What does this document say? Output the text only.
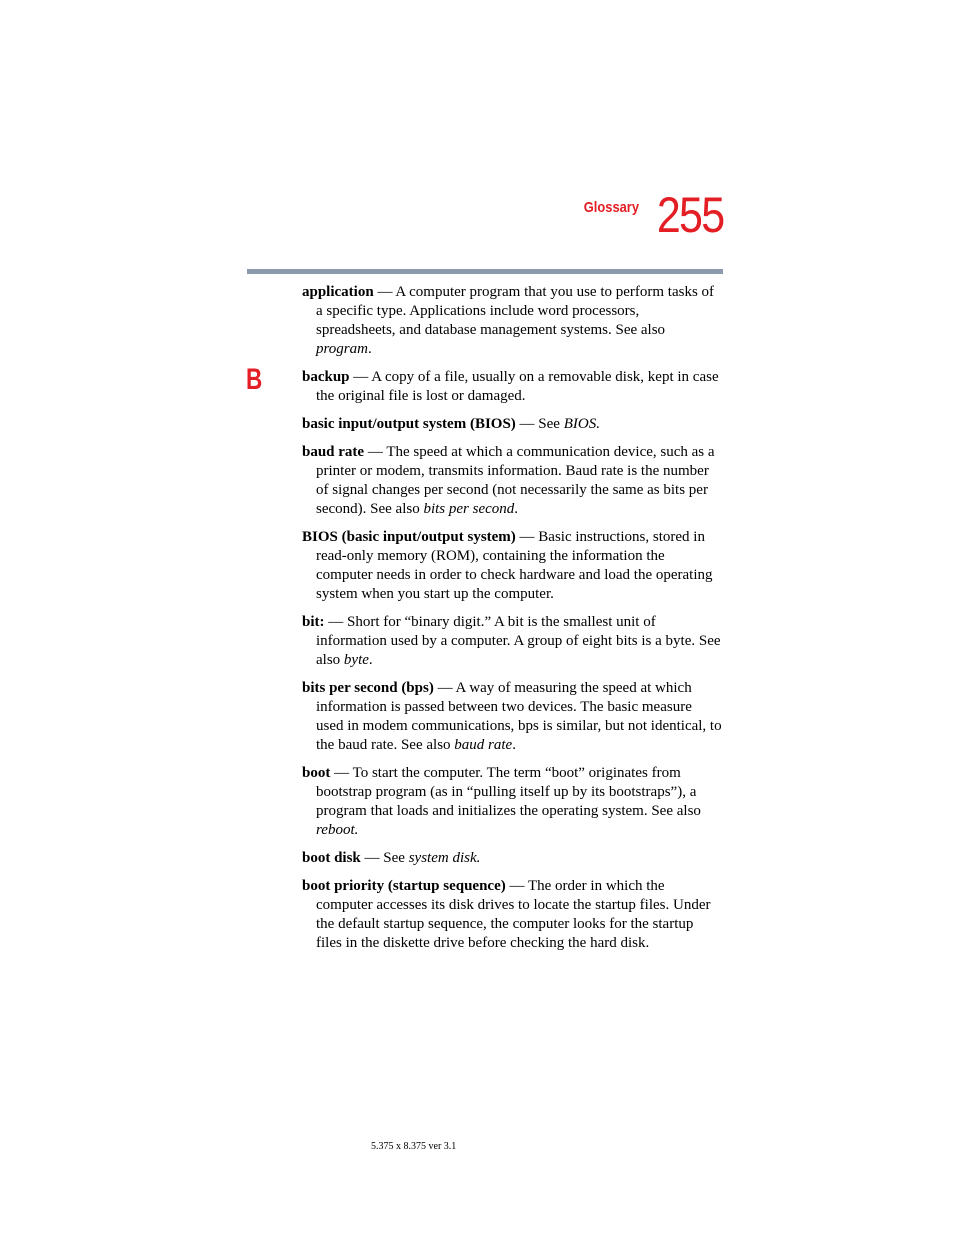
Glossary 255
B

application — A computer program that you use to perform tasks of a specific type. Applications include word processors, spreadsheets, and database management systems. See also program.

backup — A copy of a file, usually on a removable disk, kept in case the original file is lost or damaged.

basic input/output system (BIOS) — See BIOS.

baud rate — The speed at which a communication device, such as a printer or modem, transmits information. Baud rate is the number of signal changes per second (not necessarily the same as bits per second). See also bits per second.

BIOS (basic input/output system) — Basic instructions, stored in read-only memory (ROM), containing the information the computer needs in order to check hardware and load the operating system when you start up the computer.

bit: — Short for “binary digit.” A bit is the smallest unit of information used by a computer. A group of eight bits is a byte. See also byte.

bits per second (bps) — A way of measuring the speed at which information is passed between two devices. The basic measure used in modem communications, bps is similar, but not identical, to the baud rate. See also baud rate.

boot — To start the computer. The term “boot” originates from bootstrap program (as in “pulling itself up by its bootstraps”), a program that loads and initializes the operating system. See also reboot.

boot disk — See system disk.

boot priority (startup sequence) — The order in which the computer accesses its disk drives to locate the startup files. Under the default startup sequence, the computer looks for the startup files in the diskette drive before checking the hard disk.

5.375 x 8.375 ver 3.1
